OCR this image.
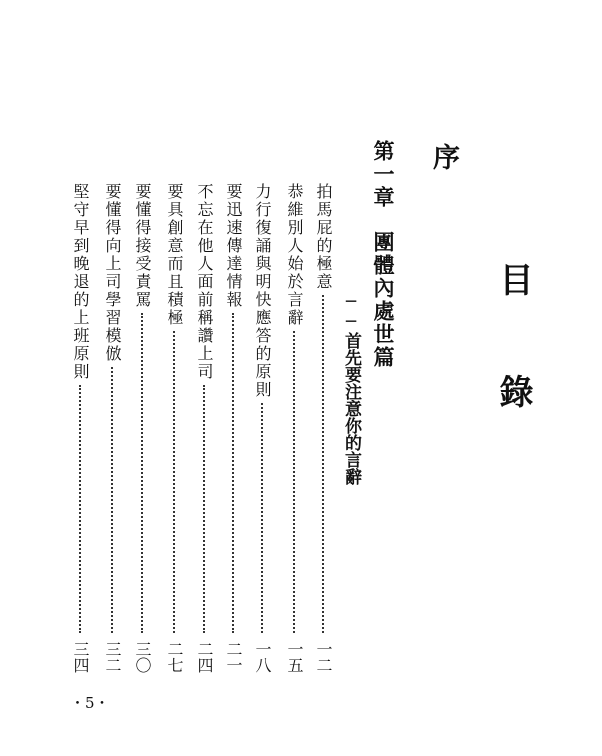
目
錄
序
第一章團體內處世篇
──首先要注意你的言辭
拍馬屁的極意
一二
恭維別人始於言辭
一五
力行復誦與明快應答的原則
一八
要迅速傳達情報
二一
不忘在他人面前稱讚上司
二四
要具創意而且積極
二七
要懂得接受責罵
三〇
要懂得向上司學習模倣
三二
堅守早到晚退的上班原則
三四
・5・
